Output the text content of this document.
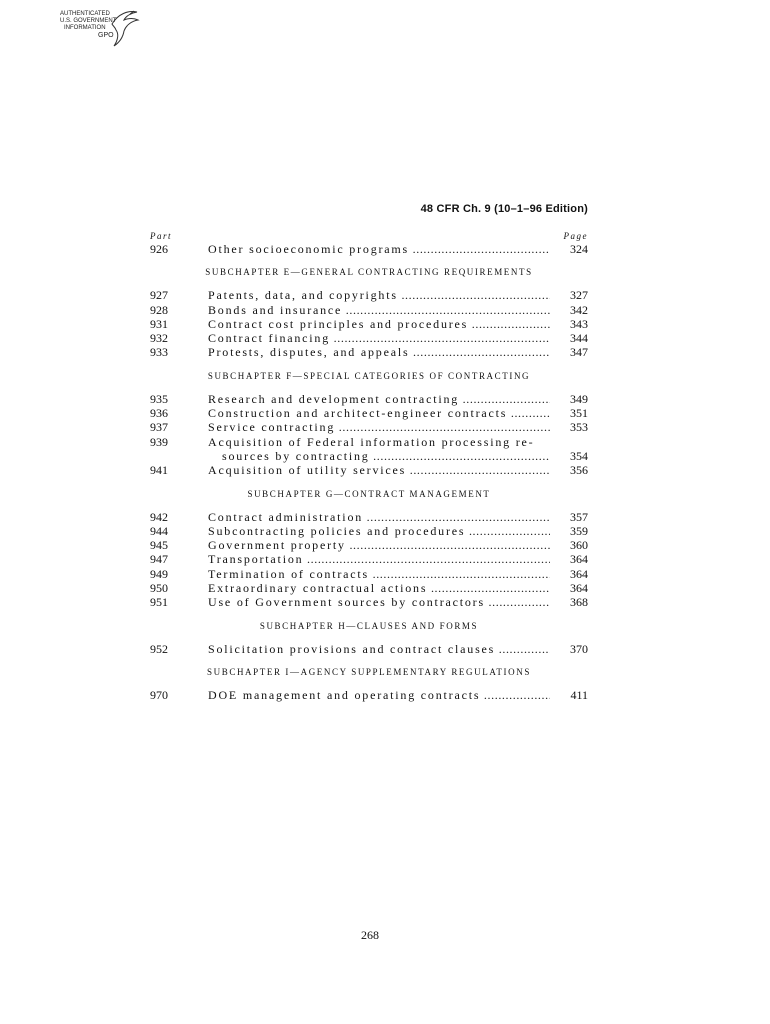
AUTHENTICATED
U.S. GOVERNMENT
INFORMATION
GPO
48 CFR Ch. 9 (10–1–96 Edition)
Part	Page
926	Other socioeconomic programs .....	324
SUBCHAPTER E—GENERAL CONTRACTING REQUIREMENTS
927	Patents, data, and copyrights .....	327
928	Bonds and insurance .....	342
931	Contract cost principles and procedures .....	343
932	Contract financing .....	344
933	Protests, disputes, and appeals .....	347
SUBCHAPTER F—SPECIAL CATEGORIES OF CONTRACTING
935	Research and development contracting .....	349
936	Construction and architect-engineer contracts .....	351
937	Service contracting .....	353
939	Acquisition of Federal information processing re-
sources by contracting .....	354
941	Acquisition of utility services .....	356
SUBCHAPTER G—CONTRACT MANAGEMENT
942	Contract administration .....	357
944	Subcontracting policies and procedures .....	359
945	Government property .....	360
947	Transportation .....	364
949	Termination of contracts .....	364
950	Extraordinary contractual actions .....	364
951	Use of Government sources by contractors .....	368
SUBCHAPTER H—CLAUSES AND FORMS
952	Solicitation provisions and contract clauses .....	370
SUBCHAPTER I—AGENCY SUPPLEMENTARY REGULATIONS
970	DOE management and operating contracts .....	411
268
